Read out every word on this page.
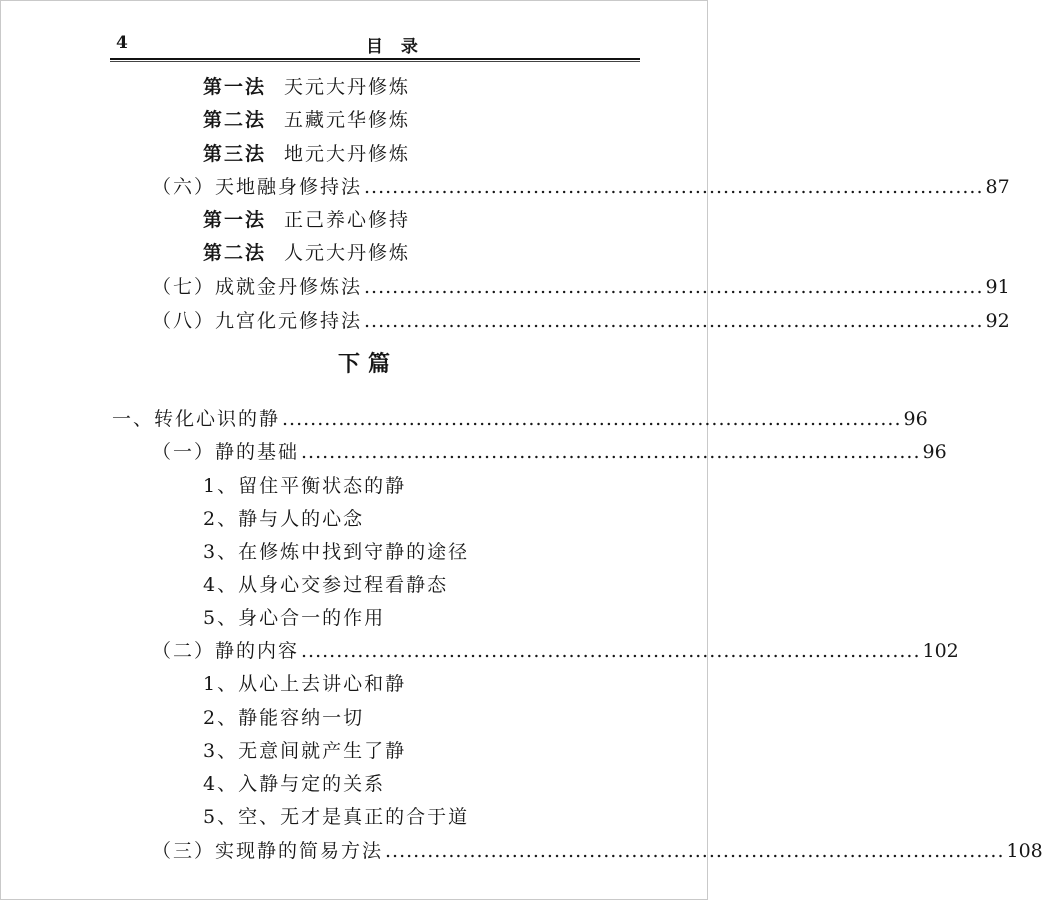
4	目 录
第一法 天元大丹修炼
第二法 五藏元华修炼
第三法 地元大丹修炼
（六）天地融身修持法 ........................................................................................ 87
第一法 正己养心修持
第二法 人元大丹修炼
（七）成就金丹修炼法 ........................................................................................ 91
（八）九宫化元修持法 ........................................................................................ 92
下篇
一、转化心识的静 ........................................................................................ 96
（一）静的基础 ........................................................................................ 96
1、留住平衡状态的静
2、静与人的心念
3、在修炼中找到守静的途径
4、从身心交参过程看静态
5、身心合一的作用
（二）静的内容 ........................................................................................ 102
1、从心上去讲心和静
2、静能容纳一切
3、无意间就产生了静
4、入静与定的关系
5、空、无才是真正的合于道
（三）实现静的简易方法 ........................................................................................ 108
